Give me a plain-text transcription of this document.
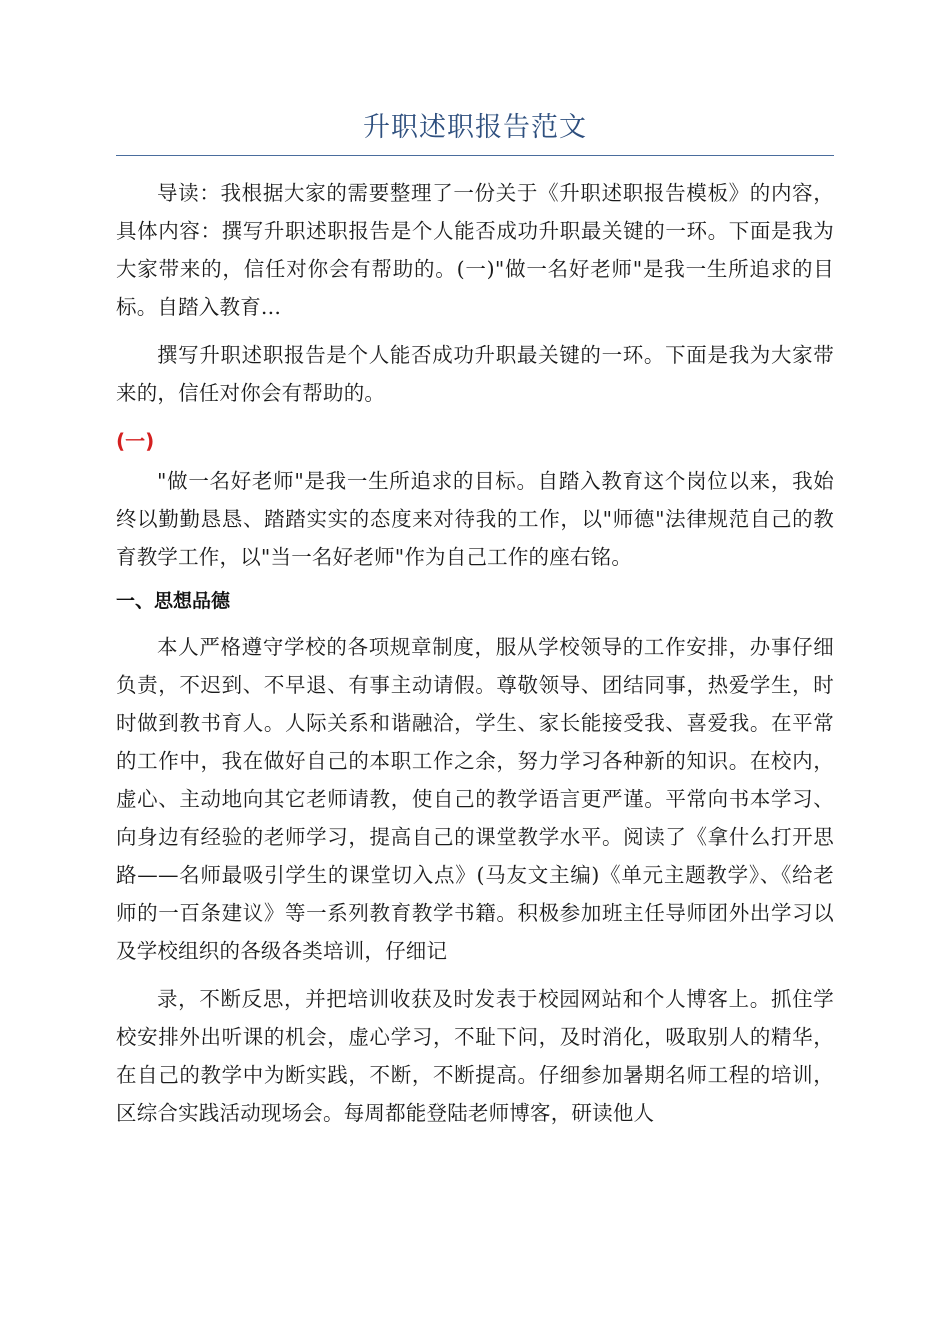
升职述职报告范文

导读：我根据大家的需要整理了一份关于《升职述职报告模板》的内容，具体内容：撰写升职述职报告是个人能否成功升职最关键的一环。下面是我为大家带来的，信任对你会有帮助的。(一)"做一名好老师"是我一生所追求的目标。自踏入教育...

撰写升职述职报告是个人能否成功升职最关键的一环。下面是我为大家带来的，信任对你会有帮助的。

(一)

"做一名好老师"是我一生所追求的目标。自踏入教育这个岗位以来，我始终以勤勤恳恳、踏踏实实的态度来对待我的工作，以"师德"法律规范自己的教育教学工作，以"当一名好老师"作为自己工作的座右铭。

一、思想品德

本人严格遵守学校的各项规章制度，服从学校领导的工作安排，办事仔细负责，不迟到、不早退、有事主动请假。尊敬领导、团结同事，热爱学生，时时做到教书育人。人际关系和谐融洽，学生、家长能接受我、喜爱我。在平常的工作中，我在做好自己的本职工作之余，努力学习各种新的知识。在校内，虚心、主动地向其它老师请教，使自己的教学语言更严谨。平常向书本学习、向身边有经验的老师学习，提高自己的课堂教学水平。阅读了《拿什么打开思路——名师最吸引学生的课堂切入点》(马友文主编)《单元主题教学》、《给老师的一百条建议》等一系列教育教学书籍。积极参加班主任导师团外出学习以及学校组织的各级各类培训，仔细记

录，不断反思，并把培训收获及时发表于校园网站和个人博客上。抓住学校安排外出听课的机会，虚心学习，不耻下问，及时消化，吸取别人的精华，在自己的教学中为断实践，不断，不断提高。仔细参加暑期名师工程的培训，区综合实践活动现场会。每周都能登陆老师博客，研读他人
